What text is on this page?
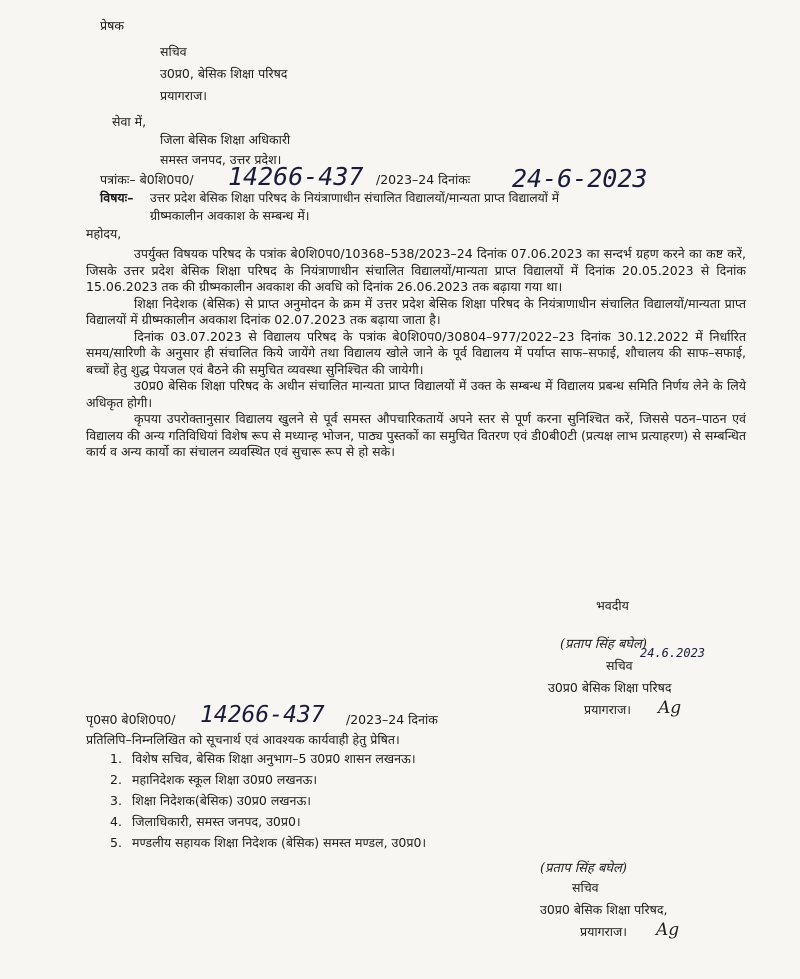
प्रेषक
सचिव
उ0प्र0, बेसिक शिक्षा परिषद
प्रयागराज।
सेवा में,
जिला बेसिक शिक्षा अधिकारी
समस्त जनपद, उत्तर प्रदेश।
पत्रांकः– बे0शि0प0/ 14266-437 /2023–24 दिनांकः 24-6-2023
विषयः– उत्तर प्रदेश बेसिक शिक्षा परिषद के नियंत्राणाधीन संचालित विद्यालयों/मान्यता प्राप्त विद्यालयों में
ग्रीष्मकालीन अवकाश के सम्बन्ध में।
महोदय,

उपर्युक्त विषयक परिषद के पत्रांक बे0शि0प0/10368–538/2023–24 दिनांक 07.06.2023 का सन्दर्भ ग्रहण करने का कष्ट करें, जिसके उत्तर प्रदेश बेसिक शिक्षा परिषद के नियंत्राणाधीन संचालित विद्यालयों/मान्यता प्राप्त विद्यालयों में दिनांक 20.05.2023 से दिनांक 15.06.2023 तक की ग्रीष्मकालीन अवकाश की अवधि को दिनांक 26.06.2023 तक बढ़ाया गया था।

शिक्षा निदेशक (बेसिक) से प्राप्त अनुमोदन के क्रम में उत्तर प्रदेश बेसिक शिक्षा परिषद के नियंत्राणाधीन संचालित विद्यालयों/मान्यता प्राप्त विद्यालयों में ग्रीष्मकालीन अवकाश दिनांक 02.07.2023 तक बढ़ाया जाता है।

दिनांक 03.07.2023 से विद्यालय परिषद के पत्रांक बे0शि0प0/30804–977/2022–23 दिनांक 30.12.2022 में निर्धारित समय/सारिणी के अनुसार ही संचालित किये जायेंगे तथा विद्यालय खोले जाने के पूर्व विद्यालय में पर्याप्त साफ–सफाई, शौचालय की साफ–सफाई, बच्चों हेतु शुद्ध पेयजल एवं बैठने की समुचित व्यवस्था सुनिश्चित की जायेगी।

उ0प्र0 बेसिक शिक्षा परिषद के अधीन संचालित मान्यता प्राप्त विद्यालयों में उक्त के सम्बन्ध में विद्यालय प्रबन्ध समिति निर्णय लेने के लिये अधिकृत होगी।

कृपया उपरोक्तानुसार विद्यालय खुलने से पूर्व समस्त औपचारिकतायें अपने स्तर से पूर्ण करना सुनिश्चित करें, जिससे पठन–पाठन एवं विद्यालय की अन्य गतिविधियां विशेष रूप से मध्यान्ह भोजन, पाठ्य पुस्तकों का समुचित वितरण एवं डी0बी0टी (प्रत्यक्ष लाभ प्रत्याहरण) से सम्बन्धित कार्य व अन्य कार्यो का संचालन व्यवस्थित एवं सुचारू रूप से हो सके।

भवदीय
(प्रताप सिंह बघेल)
24.6.2023
सचिव
उ0प्र0 बेसिक शिक्षा परिषद
प्रयागराज। Ag
पृ0स0 बे0शि0प0/ 14266-437 /2023–24 दिनांक
प्रतिलिपि–निम्नलिखित को सूचनार्थ एवं आवश्यक कार्यवाही हेतु प्रेषित।
1. विशेष सचिव, बेसिक शिक्षा अनुभाग–5 उ0प्र0 शासन लखनऊ।
2. महानिदेशक स्कूल शिक्षा उ0प्र0 लखनऊ।
3. शिक्षा निदेशक(बेसिक) उ0प्र0 लखनऊ।
4. जिलाधिकारी, समस्त जनपद, उ0प्र0।
5. मण्डलीय सहायक शिक्षा निदेशक (बेसिक) समस्त मण्डल, उ0प्र0।
(प्रताप सिंह बघेल)
सचिव
उ0प्र0 बेसिक शिक्षा परिषद,
प्रयागराज। Ag
